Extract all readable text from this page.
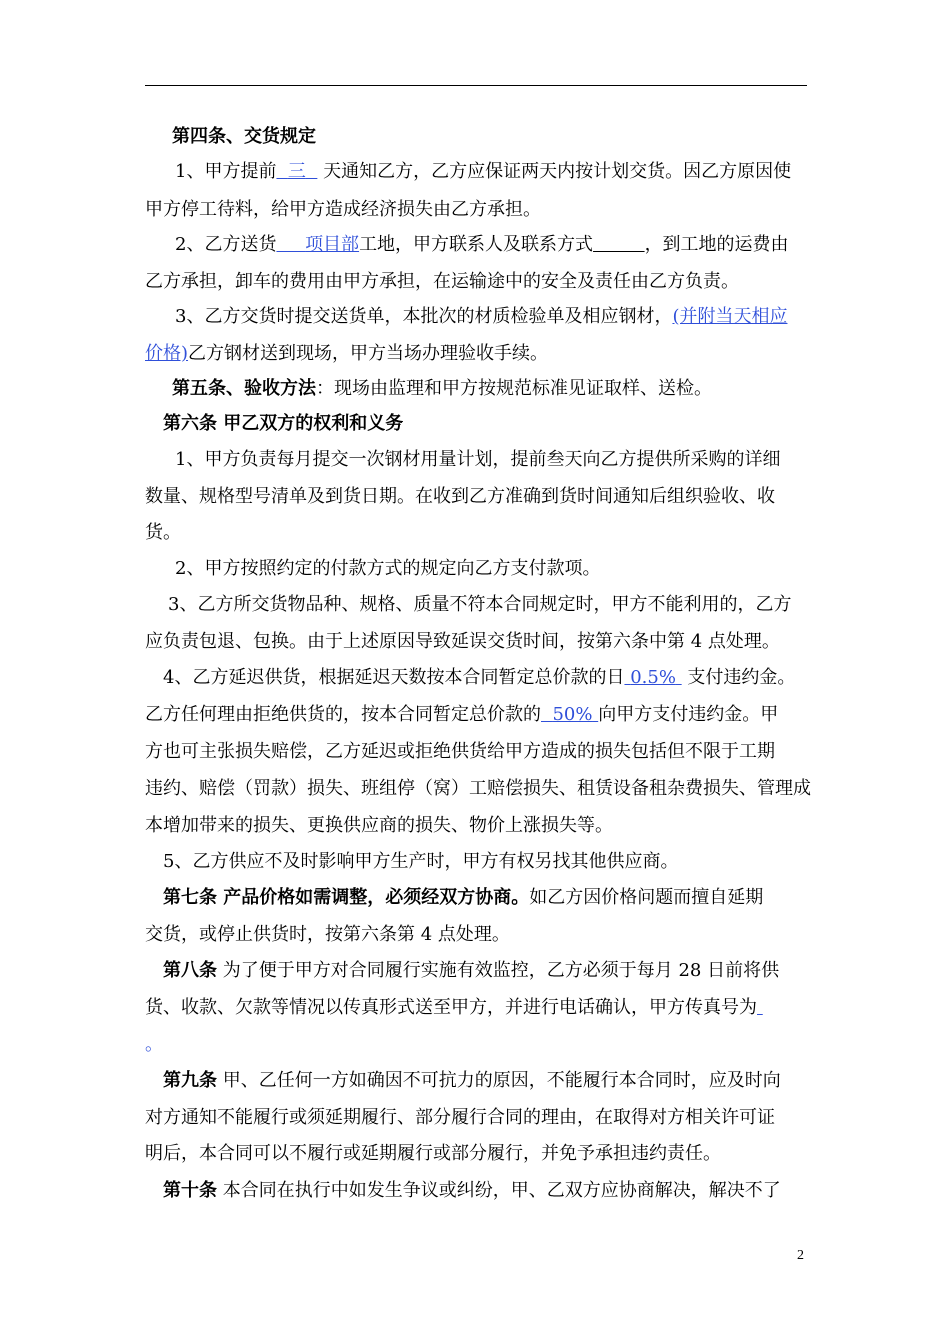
第四条、交货规定
1、甲方提前 三 天通知乙方，乙方应保证两天内按计划交货。因乙方原因使
甲方停工待料，给甲方造成经济损失由乙方承担。
2、乙方送货 项目部工地，甲方联系人及联系方式	，到工地的运费由
乙方承担，卸车的费用由甲方承担，在运输途中的安全及责任由乙方负责。
3、乙方交货时提交送货单，本批次的材质检验单及相应钢材，(并附当天相应
价格)乙方钢材送到现场，甲方当场办理验收手续。
第五条、验收方法：现场由监理和甲方按规范标准见证取样、送检。
第六条 甲乙双方的权利和义务
1、甲方负责每月提交一次钢材用量计划，提前叁天向乙方提供所采购的详细
数量、规格型号清单及到货日期。在收到乙方准确到货时间通知后组织验收、收
货。
2、甲方按照约定的付款方式的规定向乙方支付款项。
3、乙方所交货物品种、规格、质量不符本合同规定时，甲方不能利用的，乙方
应负责包退、包换。由于上述原因导致延误交货时间，按第六条中第 4 点处理。
4、乙方延迟供货，根据延迟天数按本合同暂定总价款的日 0.5% 支付违约金。
乙方任何理由拒绝供货的，按本合同暂定总价款的 50% 向甲方支付违约金。甲
方也可主张损失赔偿，乙方延迟或拒绝供货给甲方造成的损失包括但不限于工期
违约、赔偿（罚款）损失、班组停（窝）工赔偿损失、租赁设备租杂费损失、管理成
本增加带来的损失、更换供应商的损失、物价上涨损失等。
5、乙方供应不及时影响甲方生产时，甲方有权另找其他供应商。
第七条 产品价格如需调整，必须经双方协商。如乙方因价格问题而擅自延期
交货，或停止供货时，按第六条第 4 点处理。
第八条 为了便于甲方对合同履行实施有效监控，乙方必须于每月 28 日前将供
货、收款、欠款等情况以传真形式送至甲方，并进行电话确认，甲方传真号为
。
第九条 甲、乙任何一方如确因不可抗力的原因，不能履行本合同时，应及时向
对方通知不能履行或须延期履行、部分履行合同的理由，在取得对方相关许可证
明后，本合同可以不履行或延期履行或部分履行，并免予承担违约责任。
第十条 本合同在执行中如发生争议或纠纷，甲、乙双方应协商解决，解决不了
2
